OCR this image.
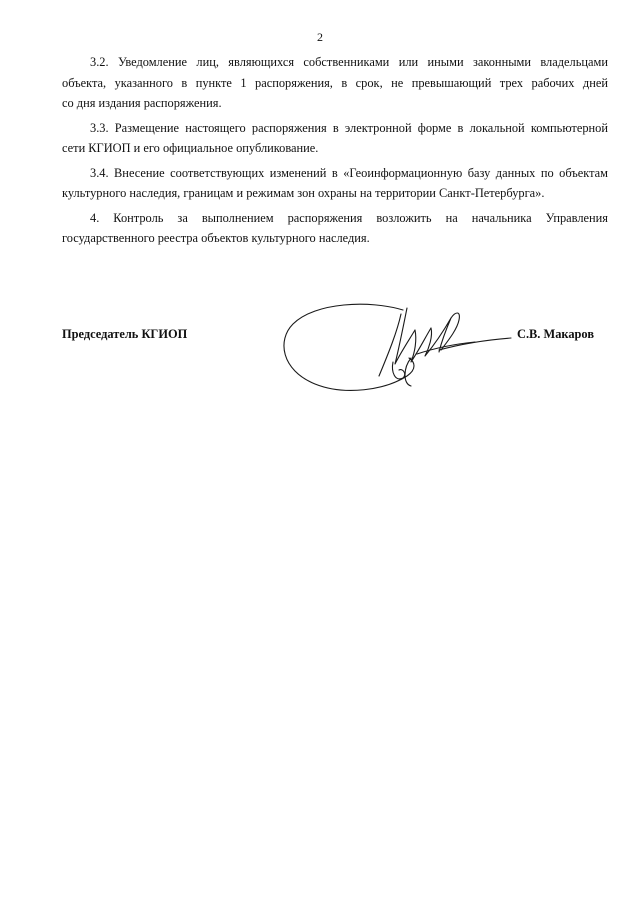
2

3.2. Уведомление лиц, являющихся собственниками или иными законными владельцами
объекта, указанного в пункте 1 распоряжения, в срок, не превышающий трех рабочих дней
со дня издания распоряжения.

3.3. Размещение настоящего распоряжения в электронной форме в локальной компьютерной
сети КГИОП и его официальное опубликование.

3.4. Внесение соответствующих изменений в «Геоинформационную базу данных по объектам
культурного наследия, границам и режимам зон охраны на территории Санкт-Петербурга».

4. Контроль за выполнением распоряжения возложить на начальника Управления
государственного реестра объектов культурного наследия.

Председатель КГИОП	С.В. Макаров
